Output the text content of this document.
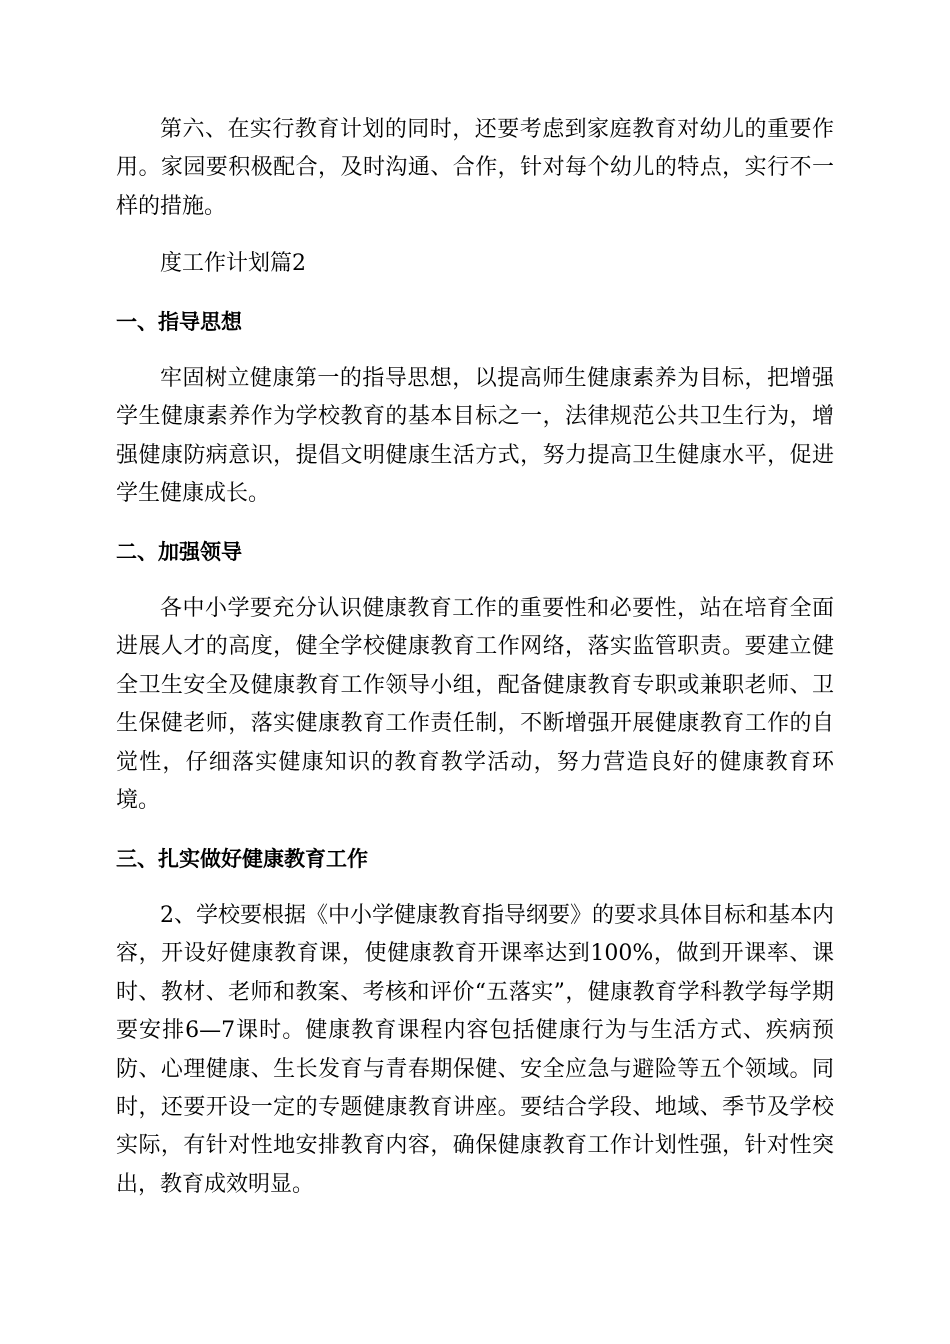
第六、在实行教育计划的同时，还要考虑到家庭教育对幼儿的重要作用。家园要积极配合，及时沟通、合作，针对每个幼儿的特点，实行不一样的措施。

度工作计划篇2

一、指导思想

牢固树立健康第一的指导思想，以提高师生健康素养为目标，把增强学生健康素养作为学校教育的基本目标之一，法律规范公共卫生行为，增强健康防病意识，提倡文明健康生活方式，努力提高卫生健康水平，促进学生健康成长。

二、加强领导

各中小学要充分认识健康教育工作的重要性和必要性，站在培育全面进展人才的高度，健全学校健康教育工作网络，落实监管职责。要建立健全卫生安全及健康教育工作领导小组，配备健康教育专职或兼职老师、卫生保健老师，落实健康教育工作责任制，不断增强开展健康教育工作的自觉性，仔细落实健康知识的教育教学活动，努力营造良好的健康教育环境。

三、扎实做好健康教育工作

2、学校要根据《中小学健康教育指导纲要》的要求具体目标和基本内容，开设好健康教育课，使健康教育开课率达到100%，做到开课率、课时、教材、老师和教案、考核和评价“五落实”，健康教育学科教学每学期要安排6—7课时。健康教育课程内容包括健康行为与生活方式、疾病预防、心理健康、生长发育与青春期保健、安全应急与避险等五个领域。同时，还要开设一定的专题健康教育讲座。要结合学段、地域、季节及学校实际，有针对性地安排教育内容，确保健康教育工作计划性强，针对性突出，教育成效明显。
